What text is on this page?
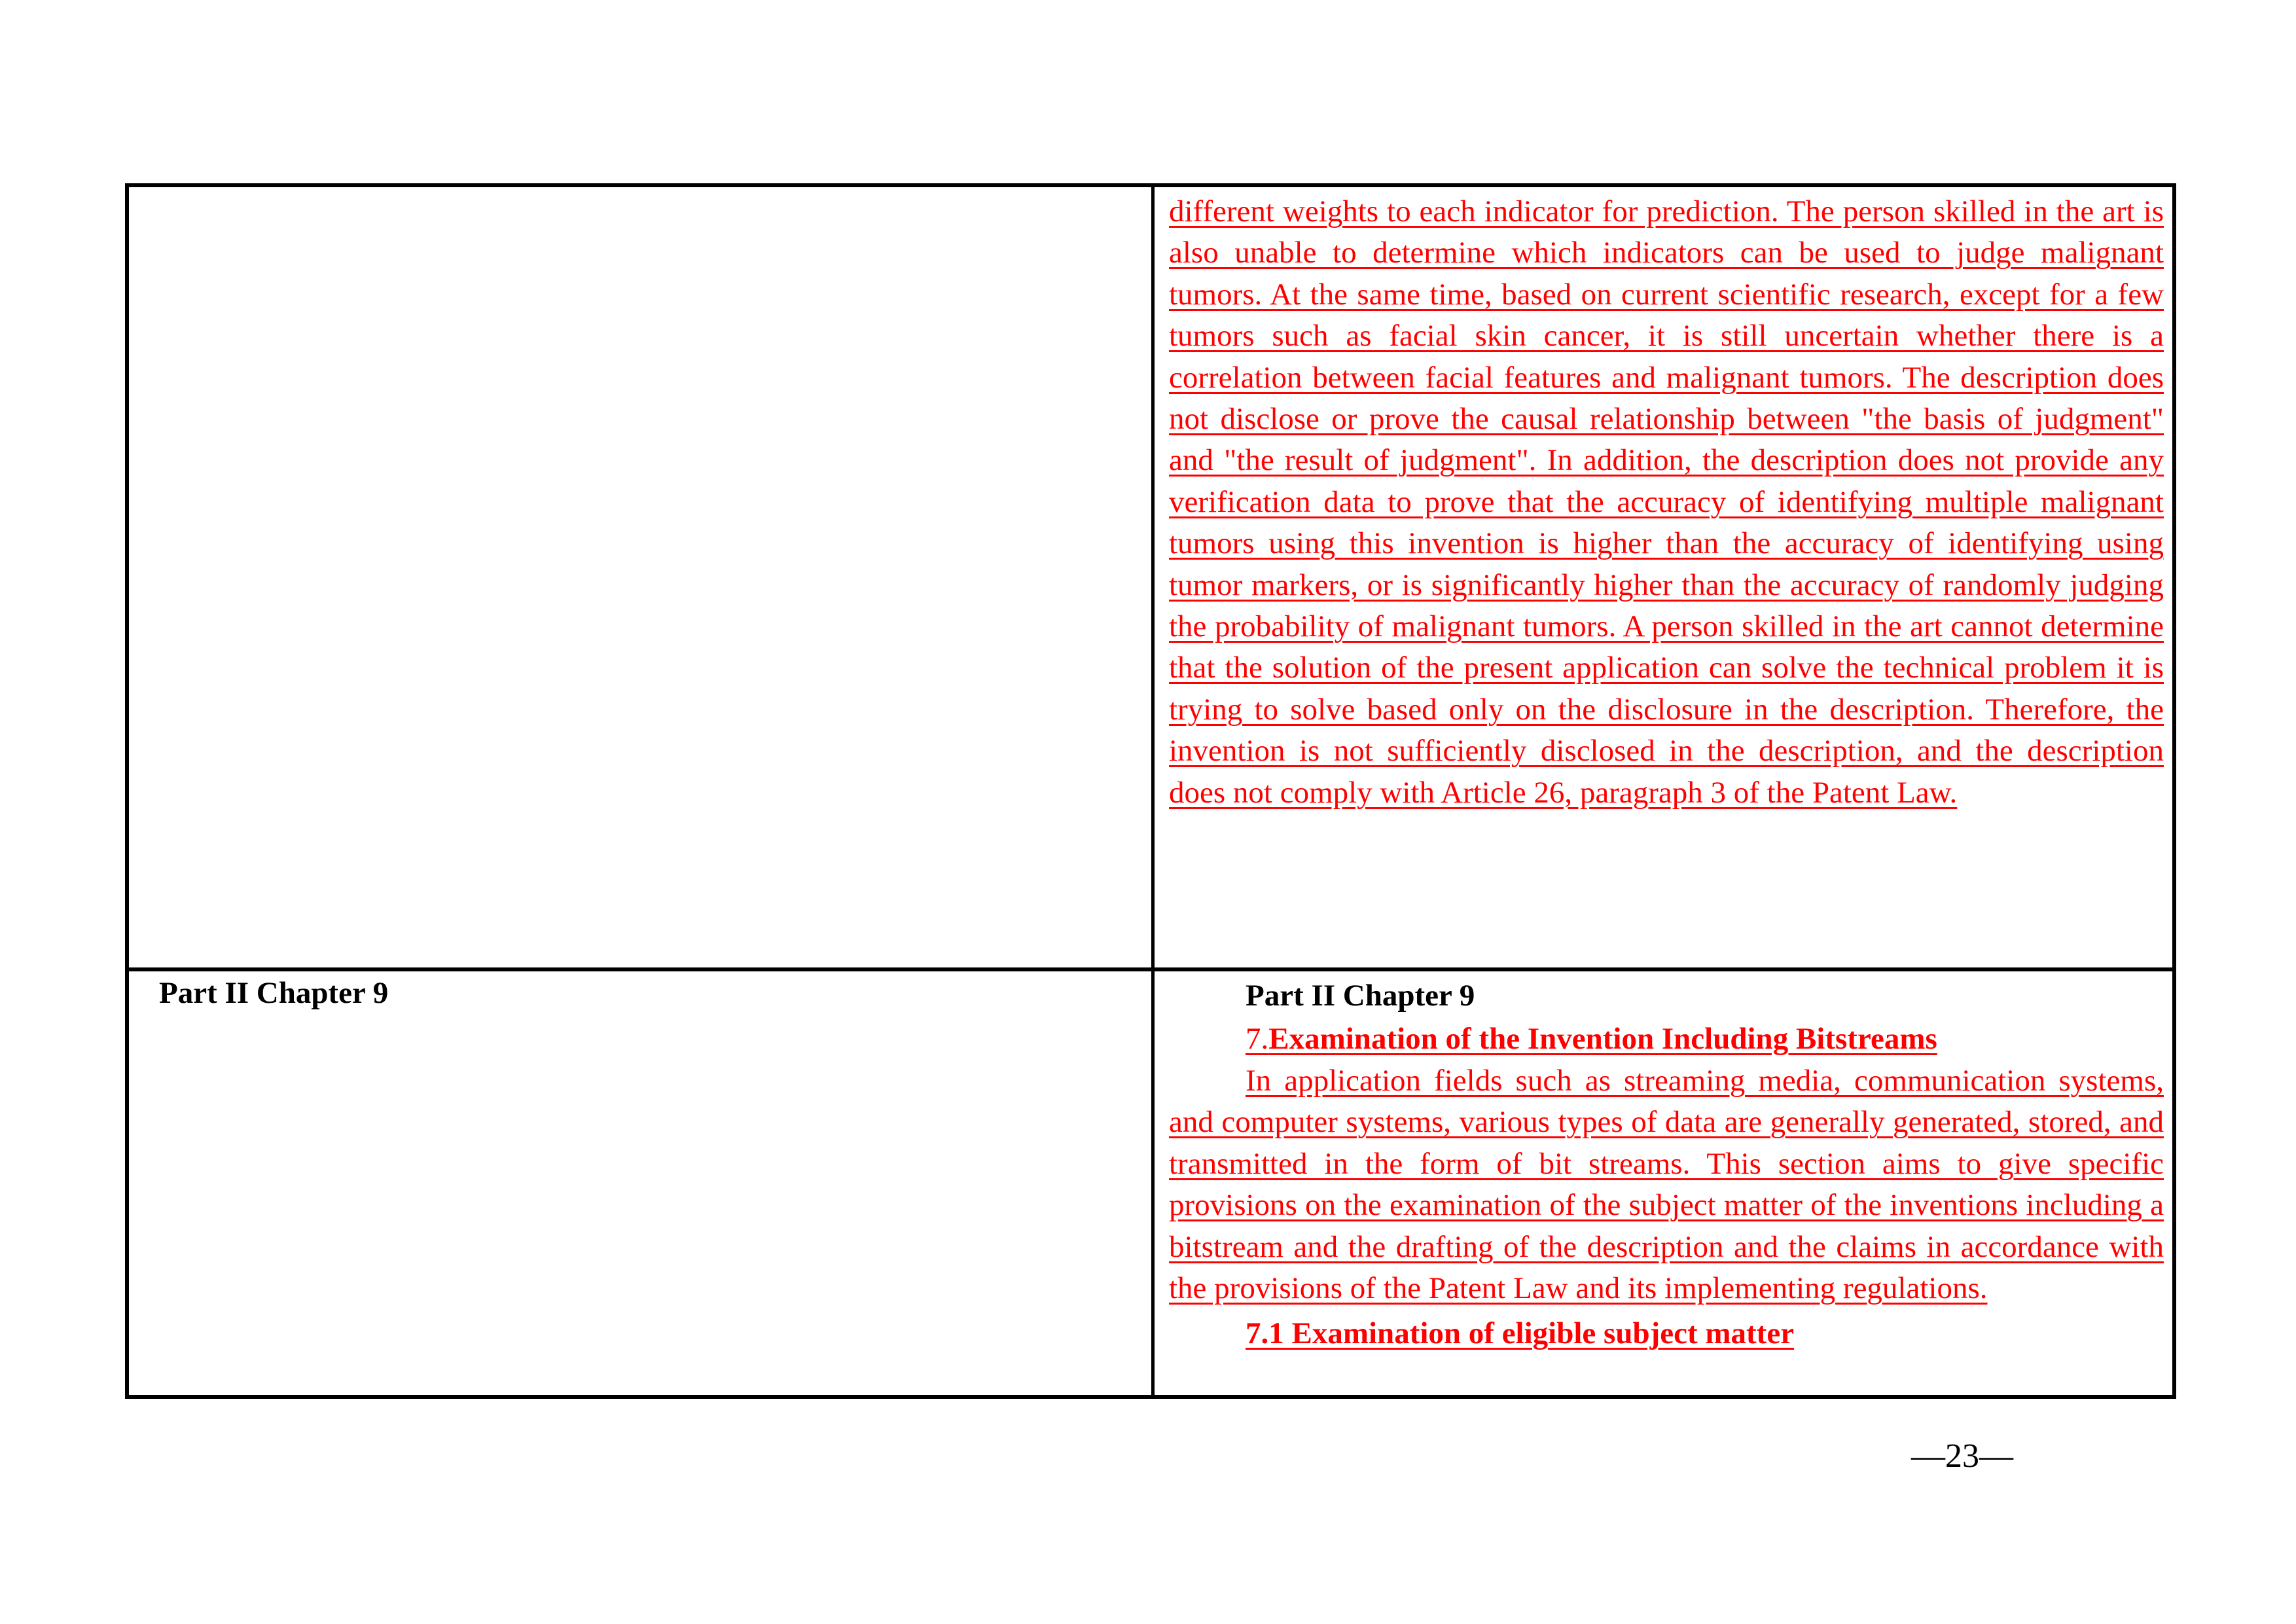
different weights to each indicator for prediction. The person skilled in the art is also unable to determine which indicators can be used to judge malignant tumors. At the same time, based on current scientific research, except for a few tumors such as facial skin cancer, it is still uncertain whether there is a correlation between facial features and malignant tumors. The description does not disclose or prove the causal relationship between "the basis of judgment" and "the result of judgment". In addition, the description does not provide any verification data to prove that the accuracy of identifying multiple malignant tumors using this invention is higher than the accuracy of identifying using tumor markers, or is significantly higher than the accuracy of randomly judging the probability of malignant tumors. A person skilled in the art cannot determine that the solution of the present application can solve the technical problem it is trying to solve based only on the disclosure in the description. Therefore, the invention is not sufficiently disclosed in the description, and the description does not comply with Article 26, paragraph 3 of the Patent Law.

Part II Chapter 9	Part II Chapter 9

7.Examination of the Invention Including Bitstreams

In application fields such as streaming media, communication systems, and computer systems, various types of data are generally generated, stored, and transmitted in the form of bit streams. This section aims to give specific provisions on the examination of the subject matter of the inventions including a bitstream and the drafting of the description and the claims in accordance with the provisions of the Patent Law and its implementing regulations.

7.1 Examination of eligible subject matter

—23—
